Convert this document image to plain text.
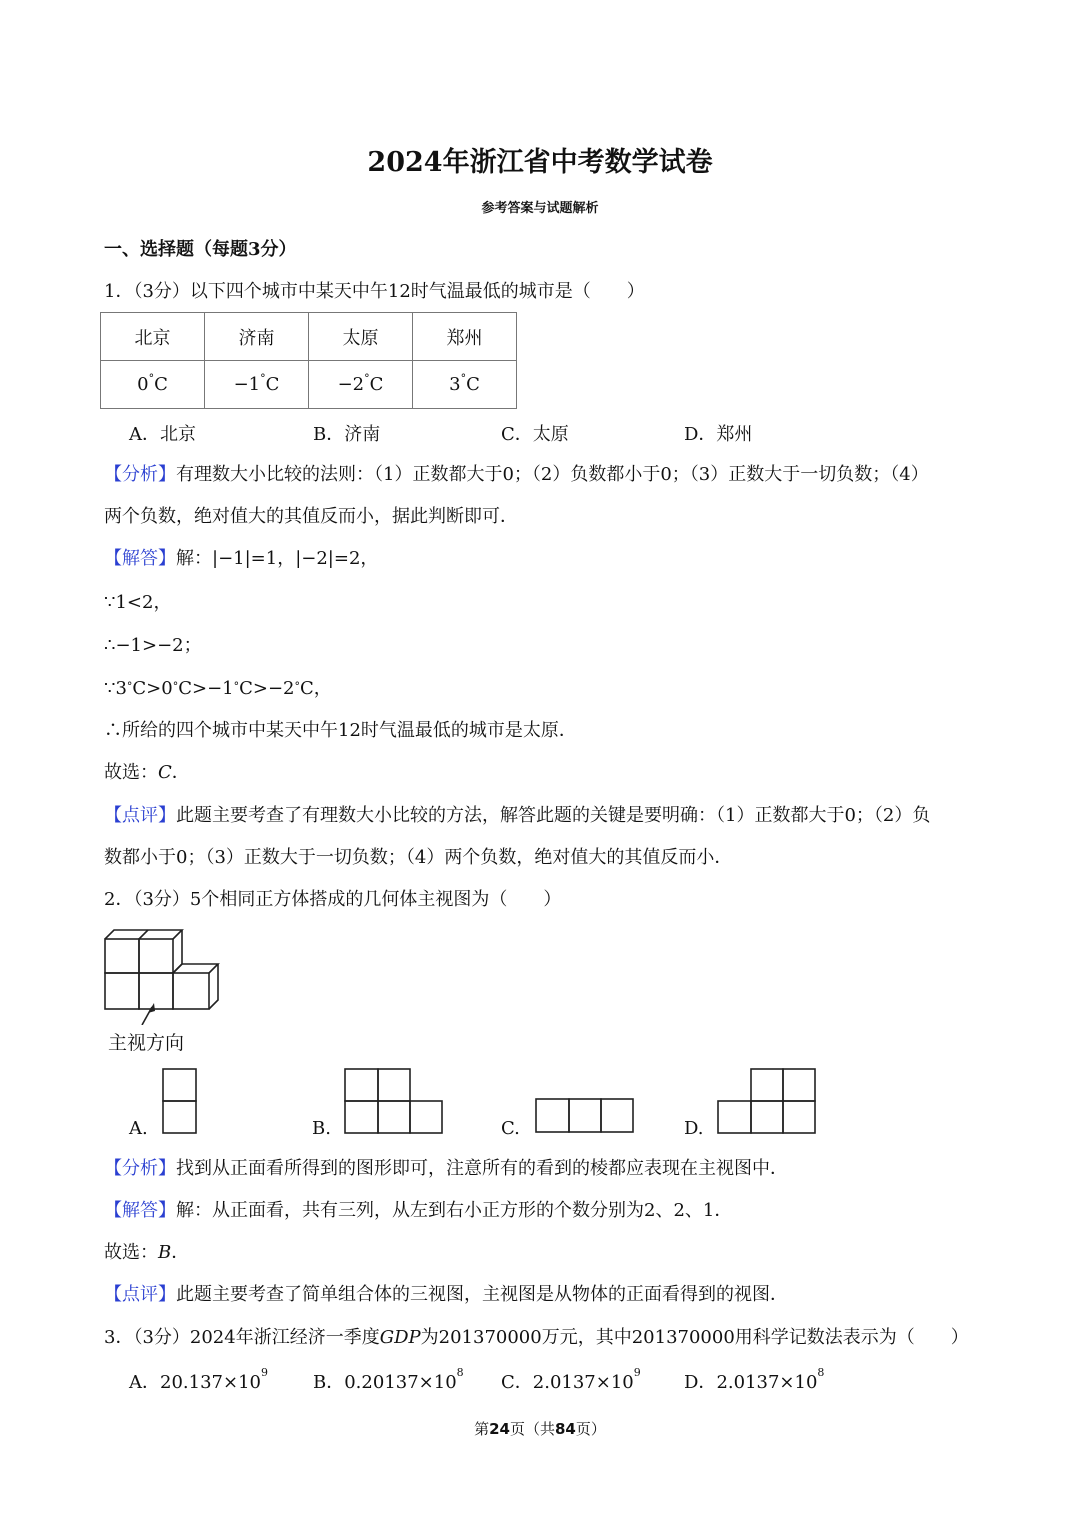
2024年浙江省中考数学试卷
参考答案与试题解析
一、选择题（每题3分）
1．（3分）以下四个城市中某天中午12时气温最低的城市是（　　）
北京	济南	太原	郑州
0°C	−1°C	−2°C	3°C
A．北京	B．济南	C．太原	D．郑州
【分析】有理数大小比较的法则：（1）正数都大于0；（2）负数都小于0；（3）正数大于一切负数；（4）
两个负数，绝对值大的其值反而小，据此判断即可．
【解答】解：|−1|=1，|−2|=2，
∵1<2，
∴−1>−2；
∵3°C>0°C>−1°C>−2°C，
∴所给的四个城市中某天中午12时气温最低的城市是太原．
故选：C．
【点评】此题主要考查了有理数大小比较的方法，解答此题的关键是要明确：（1）正数都大于0；（2）负
数都小于0；（3）正数大于一切负数；（4）两个负数，绝对值大的其值反而小．
2．（3分）5个相同正方体搭成的几何体主视图为（　　）
主视方向
A.	B.	C.	D.
【分析】找到从正面看所得到的图形即可，注意所有的看到的棱都应表现在主视图中．
【解答】解：从正面看，共有三列，从左到右小正方形的个数分别为2、2、1．
故选：B．
【点评】此题主要考查了简单组合体的三视图，主视图是从物体的正面看得到的视图．
3．（3分）2024年浙江经济一季度GDP为201370000万元，其中201370000用科学记数法表示为（　　）
A．$20.137\times 10^9$	B．$0.20137\times 10^8$ C．$2.0137\times 10^9$ D．$2.0137\times 10^8$
第24页（共84页）
